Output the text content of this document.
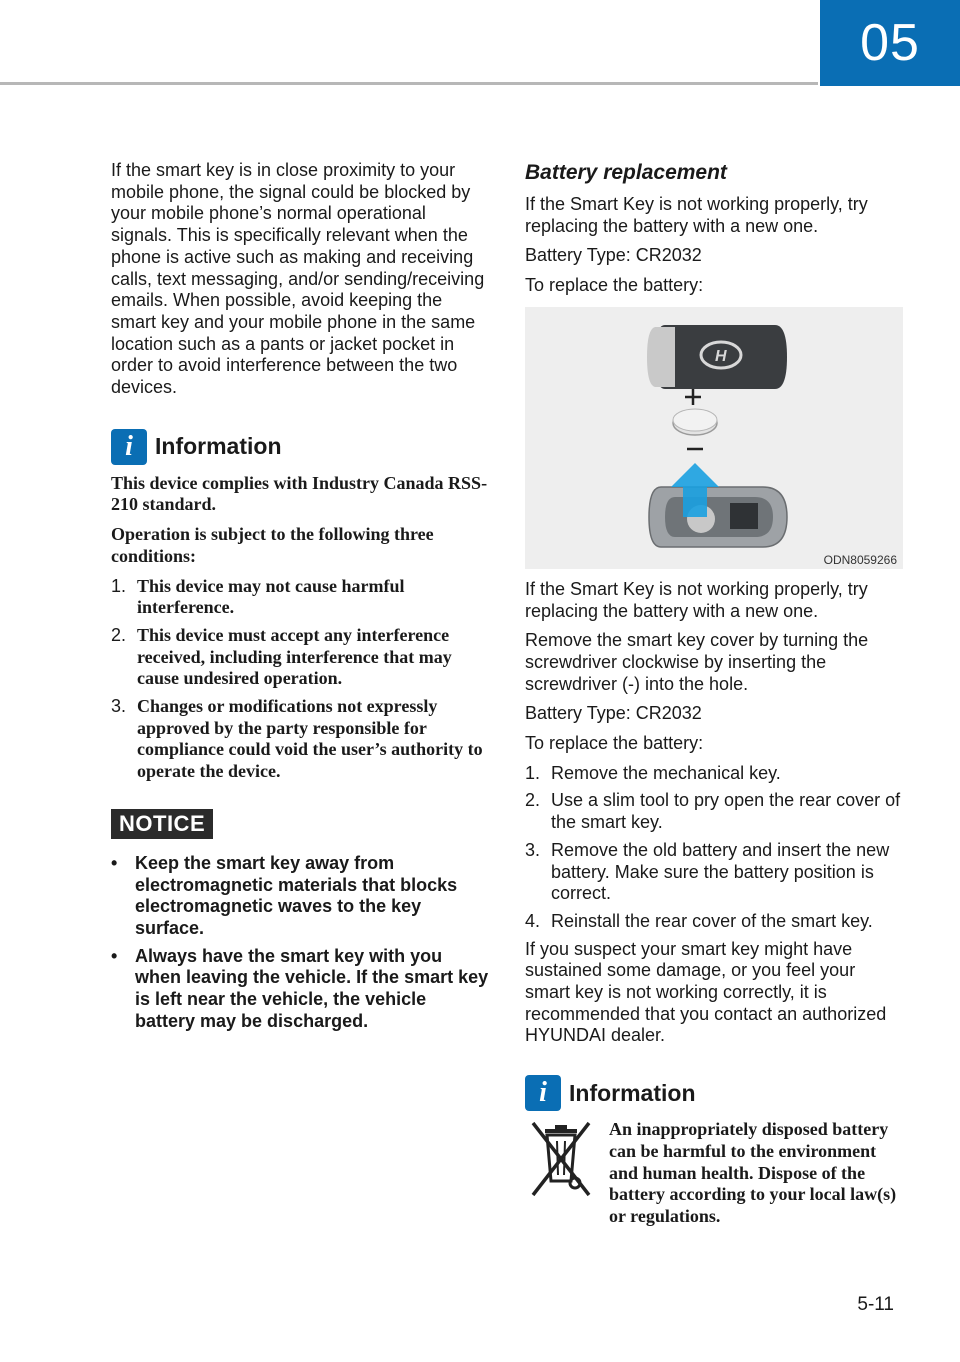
05

If the smart key is in close proximity to your mobile phone, the signal could be blocked by your mobile phone’s normal operational signals. This is specifically relevant when the phone is active such as making and receiving calls, text messaging, and/or sending/receiving emails. When possible, avoid keeping the smart key and your mobile phone in the same location such as a pants or jacket pocket in order to avoid interference between the two devices.

i Information

This device complies with Industry Canada RSS-210 standard.

Operation is subject to the following three conditions:

1. This device may not cause harmful interference.
2. This device must accept any interference received, including interference that may cause undesired operation.
3. Changes or modifications not expressly approved by the party responsible for compliance could void the user’s authority to operate the device.
NOTICE
• Keep the smart key away from electromagnetic materials that blocks electromagnetic waves to the key surface.
• Always have the smart key with you when leaving the vehicle. If the smart key is left near the vehicle, the vehicle battery may be discharged.

Battery replacement

If the Smart Key is not working properly, try replacing the battery with a new one.

Battery Type: CR2032

To replace the battery:

H
ODN8059266

If the Smart Key is not working properly, try replacing the battery with a new one.

Remove the smart key cover by turning the screwdriver clockwise by inserting the screwdriver (-) into the hole.

Battery Type: CR2032

To replace the battery:

1. Remove the mechanical key.
2. Use a slim tool to pry open the rear cover of the smart key.
3. Remove the old battery and insert the new battery. Make sure the battery position is correct.
4. Reinstall the rear cover of the smart key.

If you suspect your smart key might have sustained some damage, or you feel your smart key is not working correctly, it is recommended that you contact an authorized HYUNDAI dealer.

i Information

An inappropriately disposed battery can be harmful to the environment and human health. Dispose of the battery according to your local law(s) or regulations.

5-11
